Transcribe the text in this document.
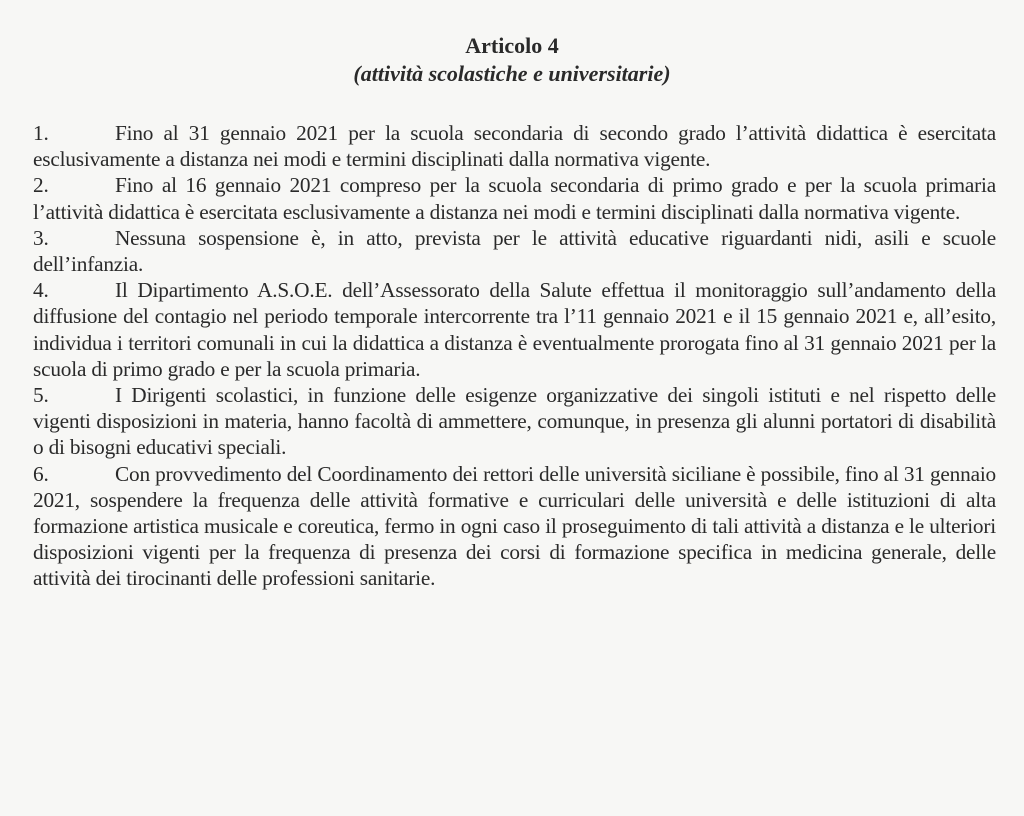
Articolo 4
(attività scolastiche e universitarie)

1.	Fino al 31 gennaio 2021 per la scuola secondaria di secondo grado l’attività didattica è esercitata esclusivamente a distanza nei modi e termini disciplinati dalla normativa vigente.

2.	Fino al 16 gennaio 2021 compreso per la scuola secondaria di primo grado e per la scuola primaria l’attività didattica è esercitata esclusivamente a distanza nei modi e termini disciplinati dalla normativa vigente.

3.	Nessuna sospensione è, in atto, prevista per le attività educative riguardanti nidi, asili e scuole dell’infanzia.

4.	Il Dipartimento A.S.O.E. dell’Assessorato della Salute effettua il monitoraggio sull’andamento della diffusione del contagio nel periodo temporale intercorrente tra l’11 gennaio 2021 e il 15 gennaio 2021 e, all’esito, individua i territori comunali in cui la didattica a distanza è eventualmente prorogata fino al 31 gennaio 2021 per la scuola di primo grado e per la scuola primaria.

5.	I Dirigenti scolastici, in funzione delle esigenze organizzative dei singoli istituti e nel rispetto delle vigenti disposizioni in materia, hanno facoltà di ammettere, comunque, in presenza gli alunni portatori di disabilità o di bisogni educativi speciali.

6.	Con provvedimento del Coordinamento dei rettori delle università siciliane è possibile, fino al 31 gennaio 2021, sospendere la frequenza delle attività formative e curriculari delle università e delle istituzioni di alta formazione artistica musicale e coreutica, fermo in ogni caso il proseguimento di tali attività a distanza e le ulteriori disposizioni vigenti per la frequenza di presenza dei corsi di formazione specifica in medicina generale, delle attività dei tirocinanti delle professioni sanitarie.
